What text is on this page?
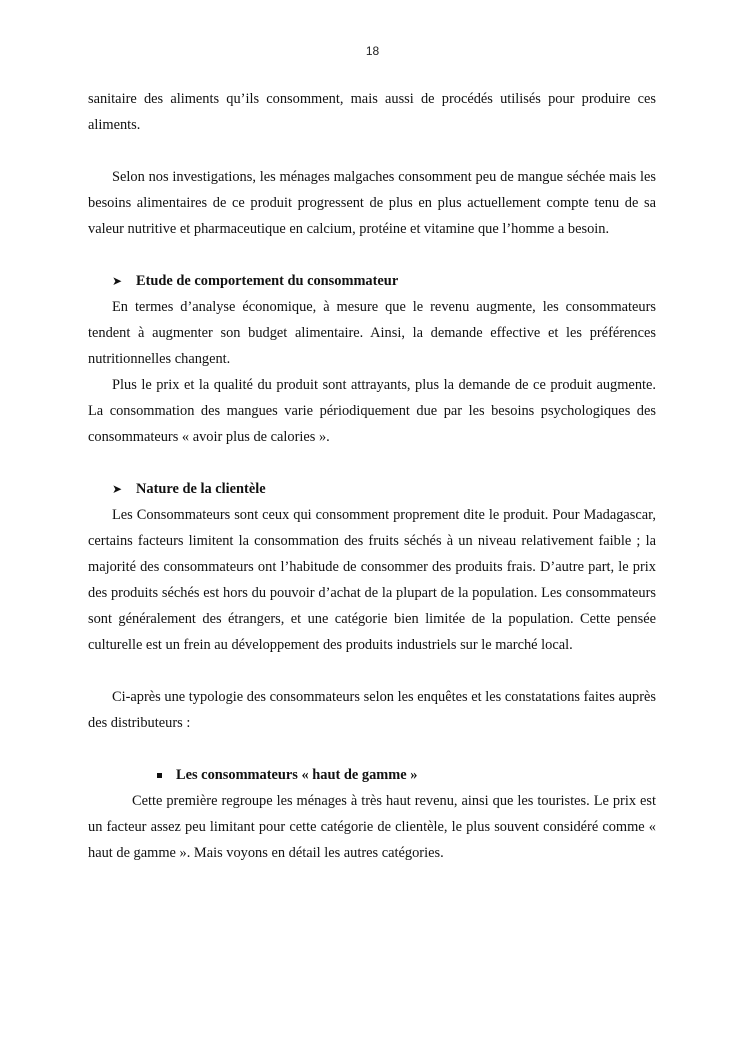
18

sanitaire des aliments qu’ils consomment, mais aussi de procédés utilisés pour produire ces aliments.

Selon nos investigations, les ménages malgaches consomment peu de mangue séchée mais les besoins alimentaires de ce produit progressent de plus en plus actuellement compte tenu de sa valeur nutritive et pharmaceutique en calcium, protéine et vitamine que l’homme a besoin.

➤ Etude de comportement du consommateur

En termes d’analyse économique, à mesure que le revenu augmente, les consommateurs tendent à augmenter son budget alimentaire. Ainsi, la demande effective et les préférences nutritionnelles changent.

Plus le prix et la qualité du produit sont attrayants, plus la demande de ce produit augmente. La consommation des mangues varie périodiquement due par les besoins psychologiques des consommateurs « avoir plus de calories ».

➤ Nature de la clientèle

Les Consommateurs sont ceux qui consomment proprement dite le produit. Pour Madagascar, certains facteurs limitent la consommation des fruits séchés à un niveau relativement faible ; la majorité des consommateurs ont l’habitude de consommer des produits frais. D’autre part, le prix des produits séchés est hors du pouvoir d’achat de la plupart de la population. Les consommateurs sont généralement des étrangers, et une catégorie bien limitée de la population. Cette pensée culturelle est un frein au développement des produits industriels sur le marché local.

Ci-après une typologie des consommateurs selon les enquêtes et les constatations faites auprès des distributeurs :

Les consommateurs « haut de gamme »

Cette première regroupe les ménages à très haut revenu, ainsi que les touristes. Le prix est un facteur assez peu limitant pour cette catégorie de clientèle, le plus souvent considéré comme « haut de gamme ». Mais voyons en détail les autres catégories.
